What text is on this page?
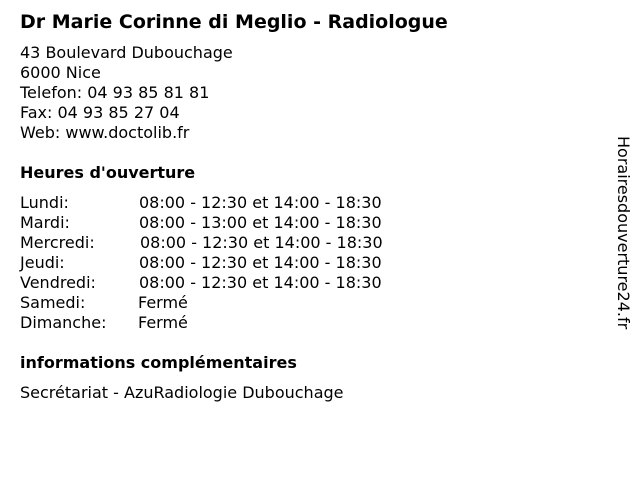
Dr Marie Corinne di Meglio - Radiologue
43 Boulevard Dubouchage
6000 Nice
Telefon: 04 93 85 81 81
Fax: 04 93 85 27 04
Web: www.doctolib.fr
Heures d'ouverture
Lundi:	08:00 - 12:30 et 14:00 - 18:30
Mardi:	08:00 - 13:00 et 14:00 - 18:30
Mercredi:	08:00 - 12:30 et 14:00 - 18:30
Jeudi:	08:00 - 12:30 et 14:00 - 18:30
Vendredi:	08:00 - 12:30 et 14:00 - 18:30
Samedi:	Fermé
Dimanche: Fermé
informations complémentaires
Secrétariat - AzuRadiologie Dubouchage
Horairesdouverture24.fr
